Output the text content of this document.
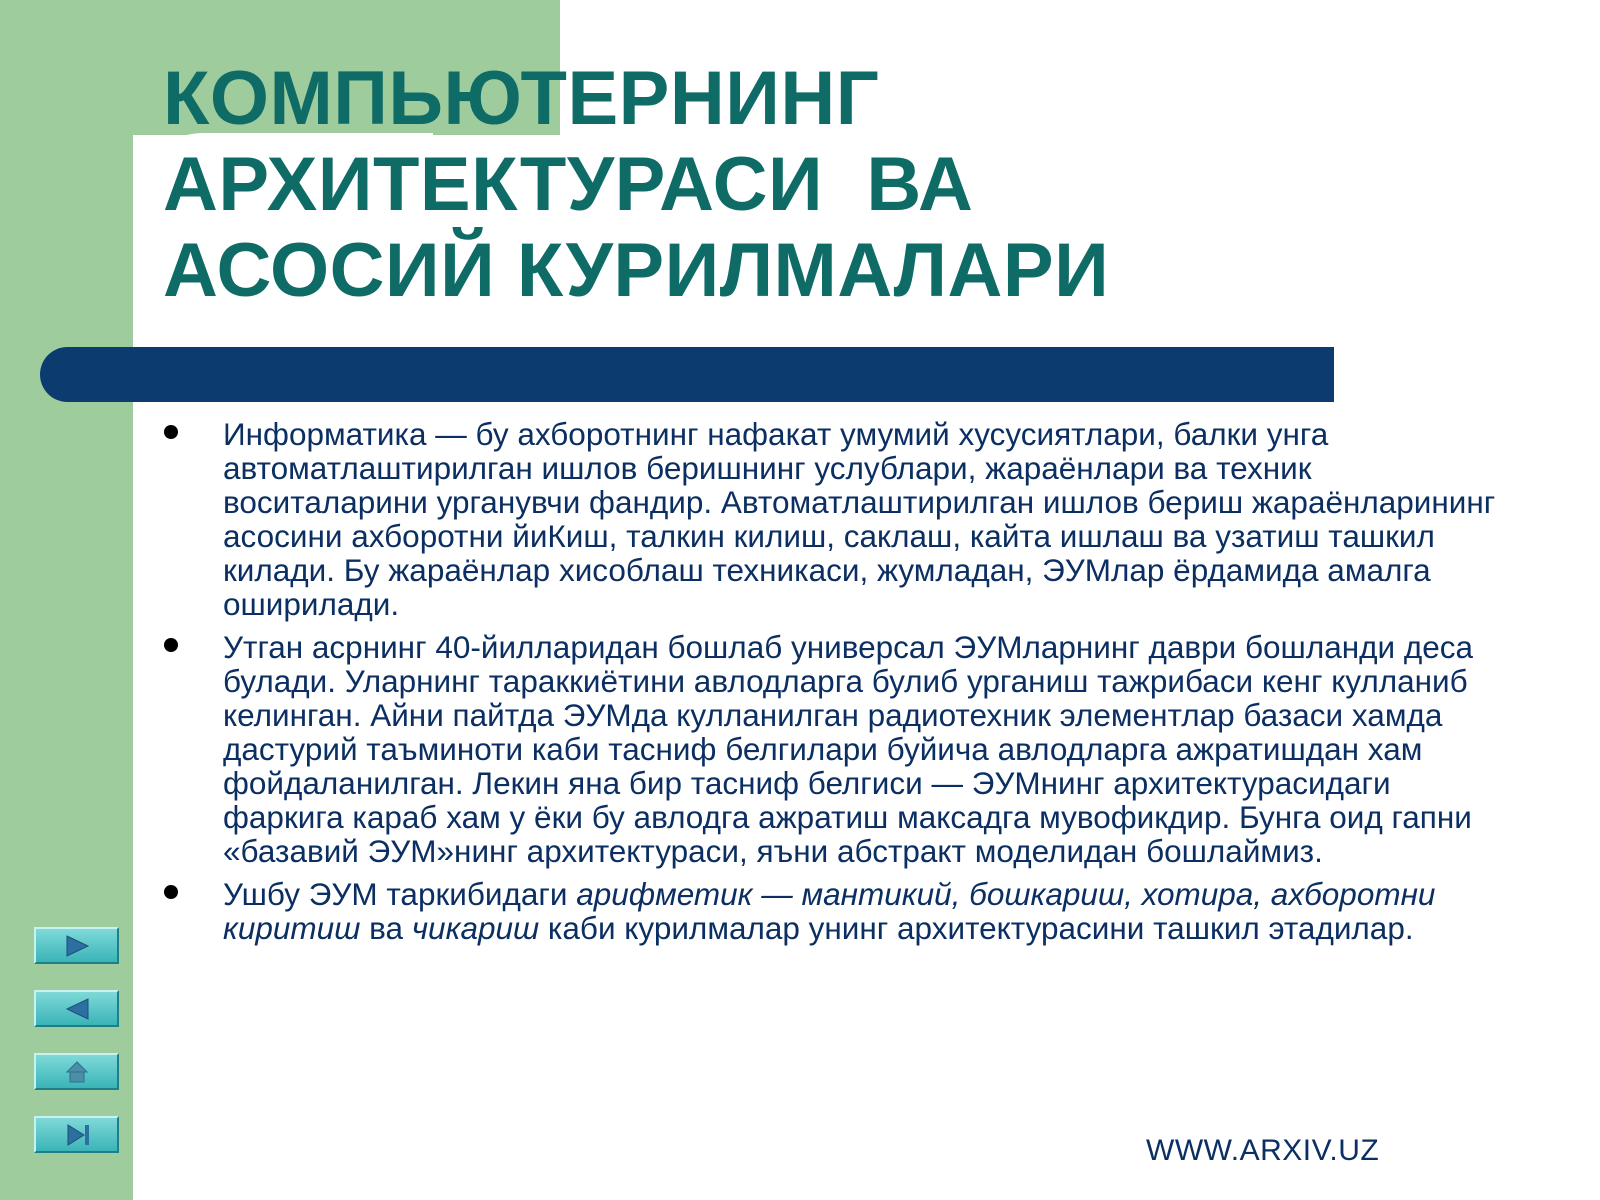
КОМПЬЮТЕРНИНГ
АРХИТЕКТУРАСИ  ВА
АСОСИЙ КУРИЛМАЛАРИ
Информатика — бу ахборотнинг нафакат умумий хусусиятлари, балки унга автоматлаштирилган ишлов беришнинг услублари, жараёнлари ва техник воситаларини урганувчи фандир. Автоматлаштирилган ишлов бериш жараёнларининг асосини ахборотни йиКиш, талкин килиш, саклаш, кайта ишлаш ва узатиш ташкил килади. Бу жараёнлар хисоблаш техникаси, жумладан, ЭУМлар ёрдамида амалга оширилади.
Утган асрнинг 40-йилларидан бошлаб универсал ЭУМларнинг даври бошланди деса булади. Уларнинг тараккиётини авлодларга булиб урганиш тажрибаси кенг кулланиб келинган. Айни пайтда ЭУМда кулланилган радиотехник элементлар базаси хамда дастурий таъминоти каби тасниф белгилари буйича авлодларга ажратишдан хам фойдаланилган. Лекин яна бир тасниф белгиси — ЭУМнинг архитектурасидаги фаркига караб хам у ёки бу авлодга ажратиш максадга мувофикдир. Бунга оид гапни «базавий ЭУМ»нинг архитектураси, яъни абстракт моделидан бошлаймиз.
Ушбу ЭУМ таркибидаги арифметик — мантикий, бошкариш, хотира, ахборотни киритиш ва чикариш каби курилмалар унинг архитектурасини ташкил этадилар.
WWW.ARXIV.UZ
